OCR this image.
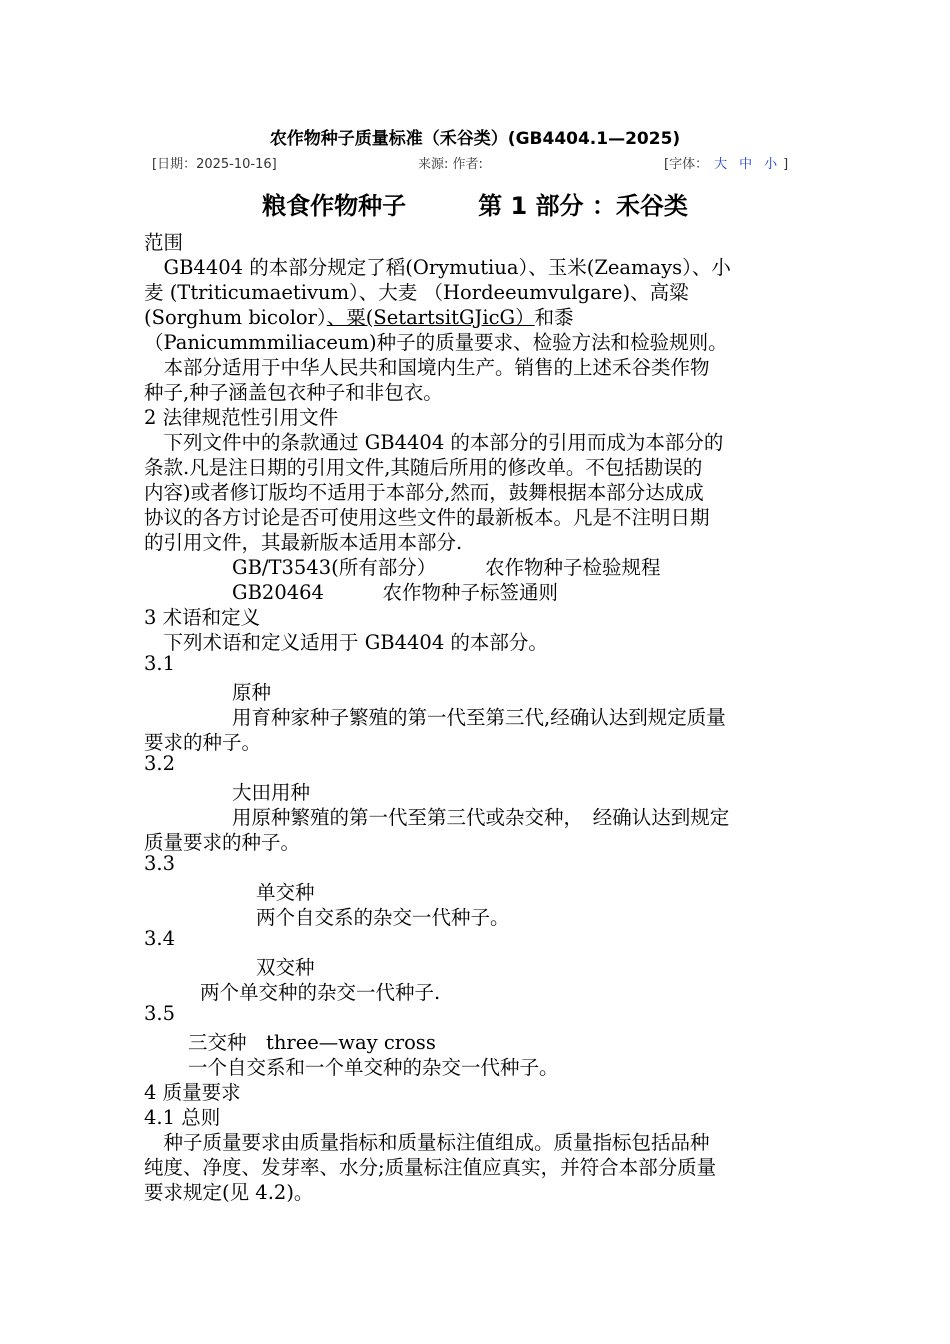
农作物种子质量标准（禾谷类）(GB4404.1—2025)
[日期：2025-10-16]	来源: 作者:	[字体： 大 中 小 ]
粮食作物种子　　　第 1 部分 ：禾谷类
范围
　GB4404 的本部分规定了稻(Orymutiua）、玉米(Zeamays）、小
麦 (Ttriticumaetivum）、大麦 （Hordeeumvulgare)、高粱
(Sorghum bicolor）、粟(SetartsitGJicG）和黍
（Panicummmiliaceum)种子的质量要求、检验方法和检验规则。
　本部分适用于中华人民共和国境内生产。销售的上述禾谷类作物
种子,种子涵盖包衣种子和非包衣。
2 法律规范性引用文件
　下列文件中的条款通过 GB4404 的本部分的引用而成为本部分的
条款.凡是注日期的引用文件,其随后所用的修改单。不包括勘误的
内容)或者修订版均不适用于本部分,然而，鼓舞根据本部分达成成
协议的各方讨论是否可使用这些文件的最新板本。凡是不注明日期
的引用文件，其最新版本适用本部分.
GB/T3543(所有部分）　　　农作物种子检验规程
GB20464　　　农作物种子标签通则
3 术语和定义
　下列术语和定义适用于 GB4404 的本部分。
3.1
原种
用育种家种子繁殖的第一代至第三代,经确认达到规定质量
要求的种子。
3.2
大田用种
用原种繁殖的第一代至第三代或杂交种，　经确认达到规定
质量要求的种子。
3.3
单交种
两个自交系的杂交一代种子。
3.4
双交种
两个单交种的杂交一代种子.
3.5
三交种　three—way cross
一个自交系和一个单交种的杂交一代种子。
4 质量要求
4.1 总则
　种子质量要求由质量指标和质量标注值组成。质量指标包括品种
纯度、净度、发芽率、水分;质量标注值应真实，并符合本部分质量
要求规定(见 4.2)。
